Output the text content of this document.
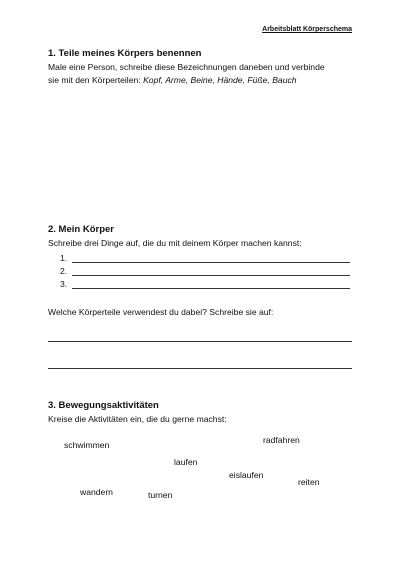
Arbeitsblatt Körperschema
1. Teile meines Körpers benennen
Male eine Person, schreibe diese Bezeichnungen daneben und verbinde
sie mit den Körperteilen: Kopf, Arme, Beine, Hände, Füße, Bauch
2. Mein Körper
Schreibe drei Dinge auf, die du mit deinem Körper machen kannst:
1.
2.
3.
Welche Körperteile verwendest du dabei? Schreibe sie auf:
3. Bewegungsaktivitäten
Kreise die Aktivitäten ein, die du gerne machst:
radfahren
schwimmen
laufen
eislaufen
reiten
wandern	turnen
